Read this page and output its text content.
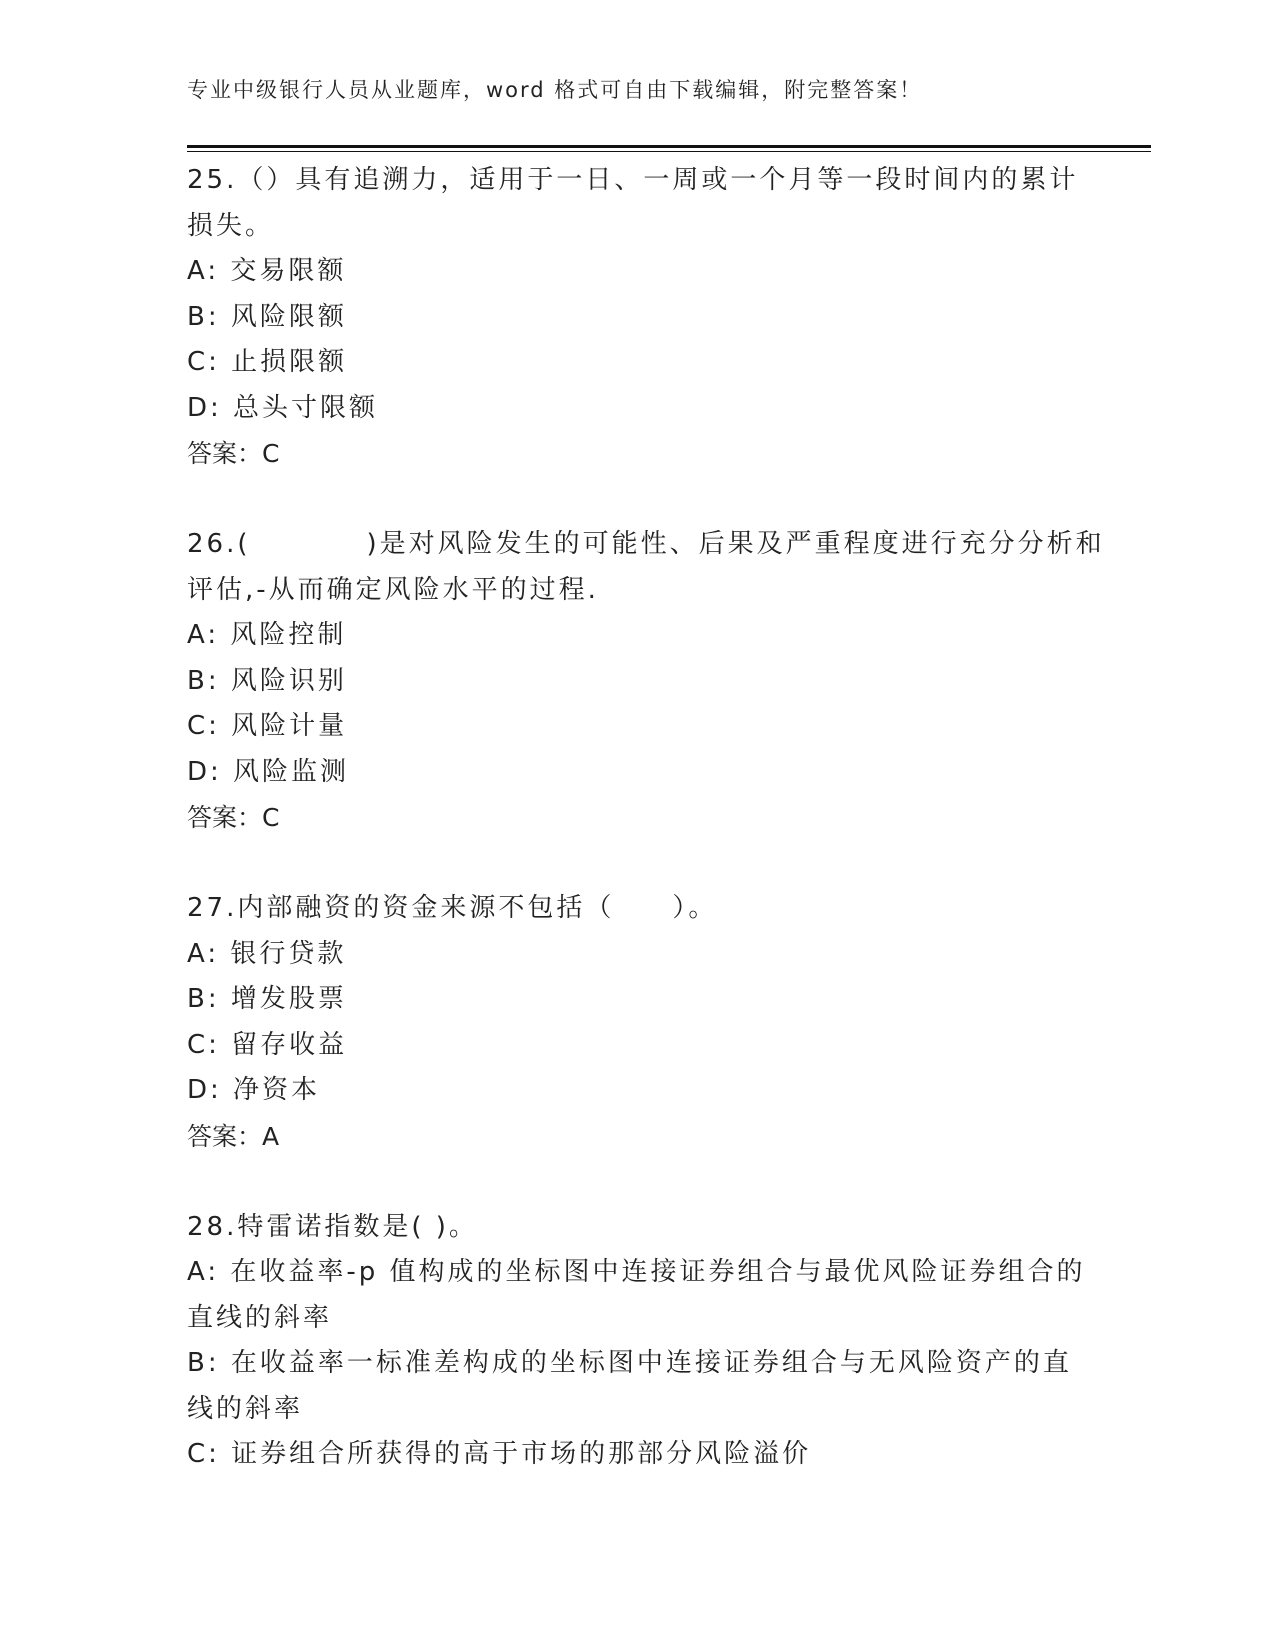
专业中级银行人员从业题库，word 格式可自由下载编辑，附完整答案！
25.（）具有追溯力，适用于一日、一周或一个月等一段时间内的累计
损失。
A: 交易限额
B: 风险限额
C: 止损限额
D: 总头寸限额
答案：C
26.(　　　　)是对风险发生的可能性、后果及严重程度进行充分分析和
评估,-从而确定风险水平的过程.
A: 风险控制
B: 风险识别
C: 风险计量
D: 风险监测
答案：C
27.内部融资的资金来源不包括（　　）。
A: 银行贷款
B: 增发股票
C: 留存收益
D: 净资本
答案：A
28.特雷诺指数是( )。
A: 在收益率-p 值构成的坐标图中连接证券组合与最优风险证券组合的
直线的斜率
B: 在收益率一标准差构成的坐标图中连接证券组合与无风险资产的直
线的斜率
C: 证券组合所获得的高于市场的那部分风险溢价
